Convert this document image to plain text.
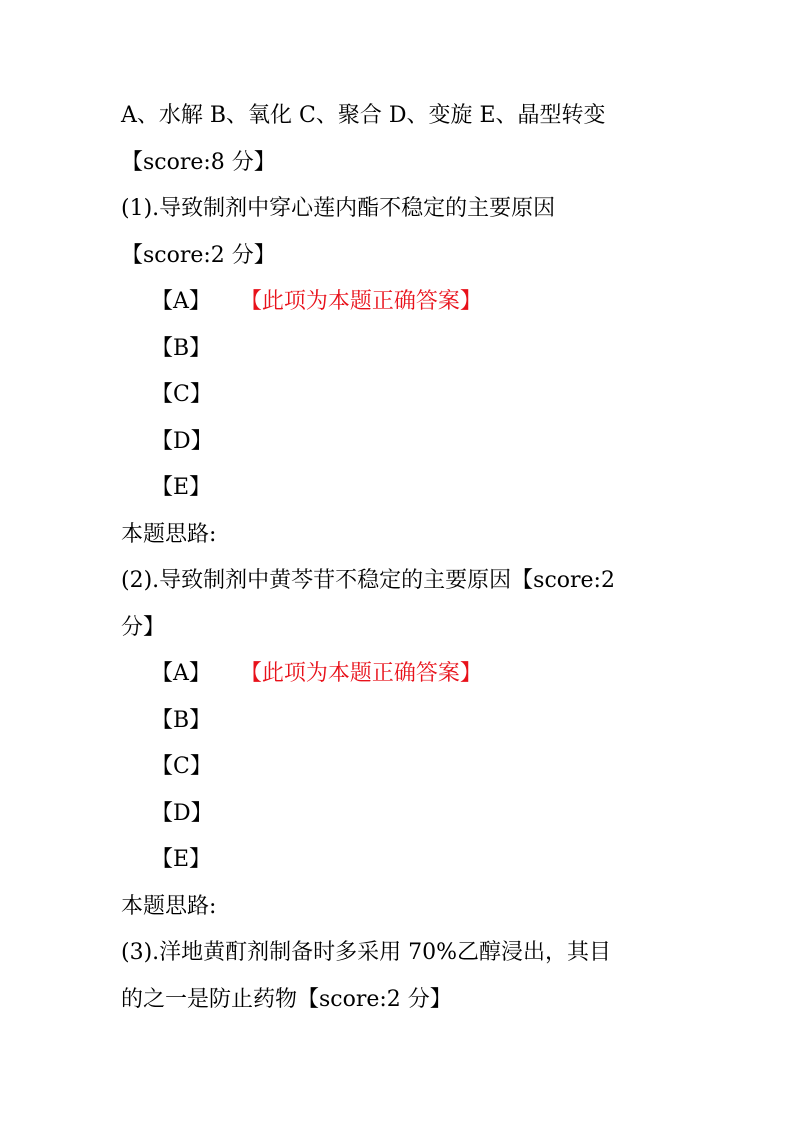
A、水解 B、氧化 C、聚合 D、变旋 E、晶型转变
【score:8 分】
(1).导致制剂中穿心莲内酯不稳定的主要原因
【score:2 分】
【A】 【此项为本题正确答案】
【B】
【C】
【D】
【E】
本题思路:
(2).导致制剂中黄芩苷不稳定的主要原因【score:2
分】
【A】 【此项为本题正确答案】
【B】
【C】
【D】
【E】
本题思路:
(3).洋地黄酊剂制备时多采用 70%乙醇浸出，其目
的之一是防止药物【score:2 分】
